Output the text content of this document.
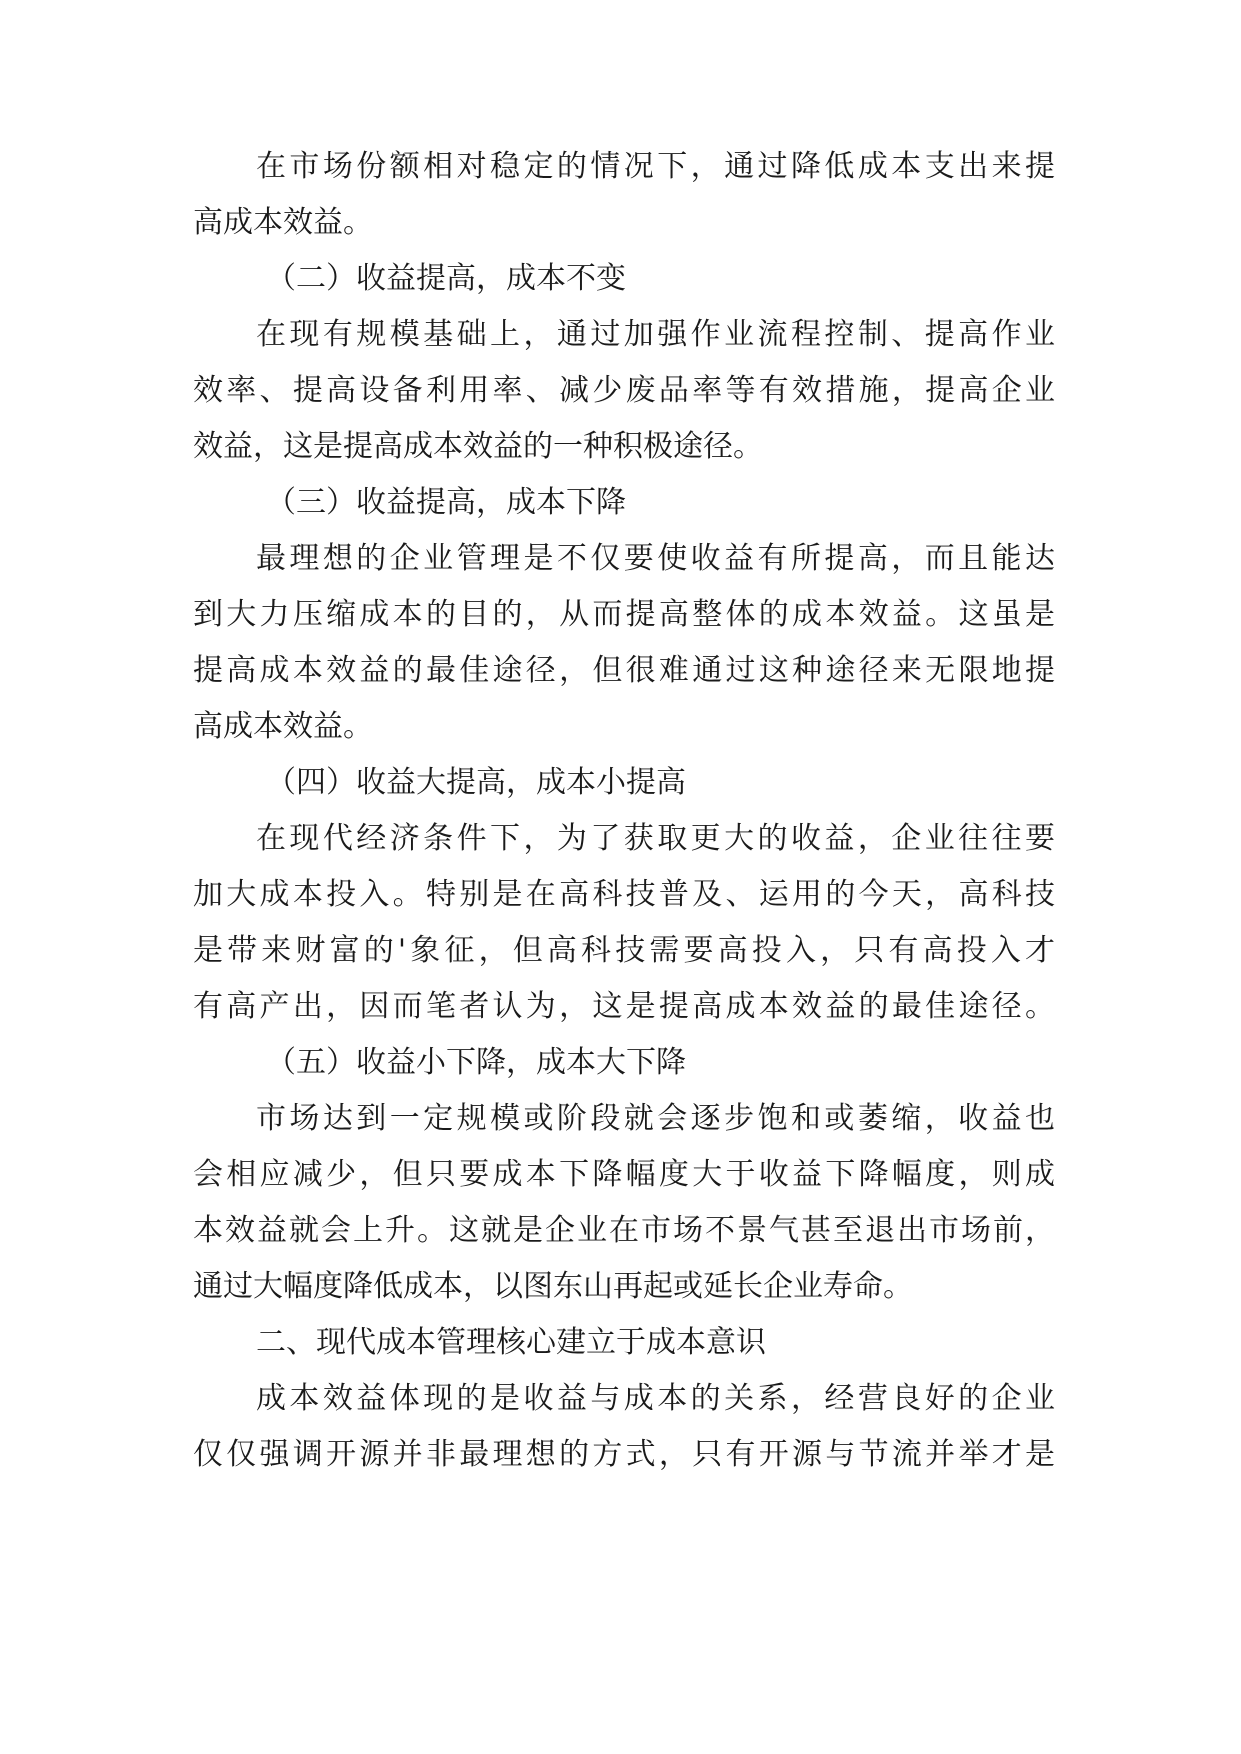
在市场份额相对稳定的情况下，通过降低成本支出来提

高成本效益。

（二）收益提高，成本不变

在现有规模基础上，通过加强作业流程控制、提高作业

效率、提高设备利用率、减少废品率等有效措施，提高企业

效益，这是提高成本效益的一种积极途径。

（三）收益提高，成本下降

最理想的企业管理是不仅要使收益有所提高，而且能达

到大力压缩成本的目的，从而提高整体的成本效益。这虽是

提高成本效益的最佳途径，但很难通过这种途径来无限地提

高成本效益。

（四）收益大提高，成本小提高

在现代经济条件下，为了获取更大的收益，企业往往要

加大成本投入。特别是在高科技普及、运用的今天，高科技

是带来财富的'象征，但高科技需要高投入，只有高投入才

有高产出，因而笔者认为，这是提高成本效益的最佳途径。

（五）收益小下降，成本大下降

市场达到一定规模或阶段就会逐步饱和或萎缩，收益也

会相应减少，但只要成本下降幅度大于收益下降幅度，则成

本效益就会上升。这就是企业在市场不景气甚至退出市场前，

通过大幅度降低成本，以图东山再起或延长企业寿命。

二、现代成本管理核心建立于成本意识

成本效益体现的是收益与成本的关系，经营良好的企业

仅仅强调开源并非最理想的方式，只有开源与节流并举才是
